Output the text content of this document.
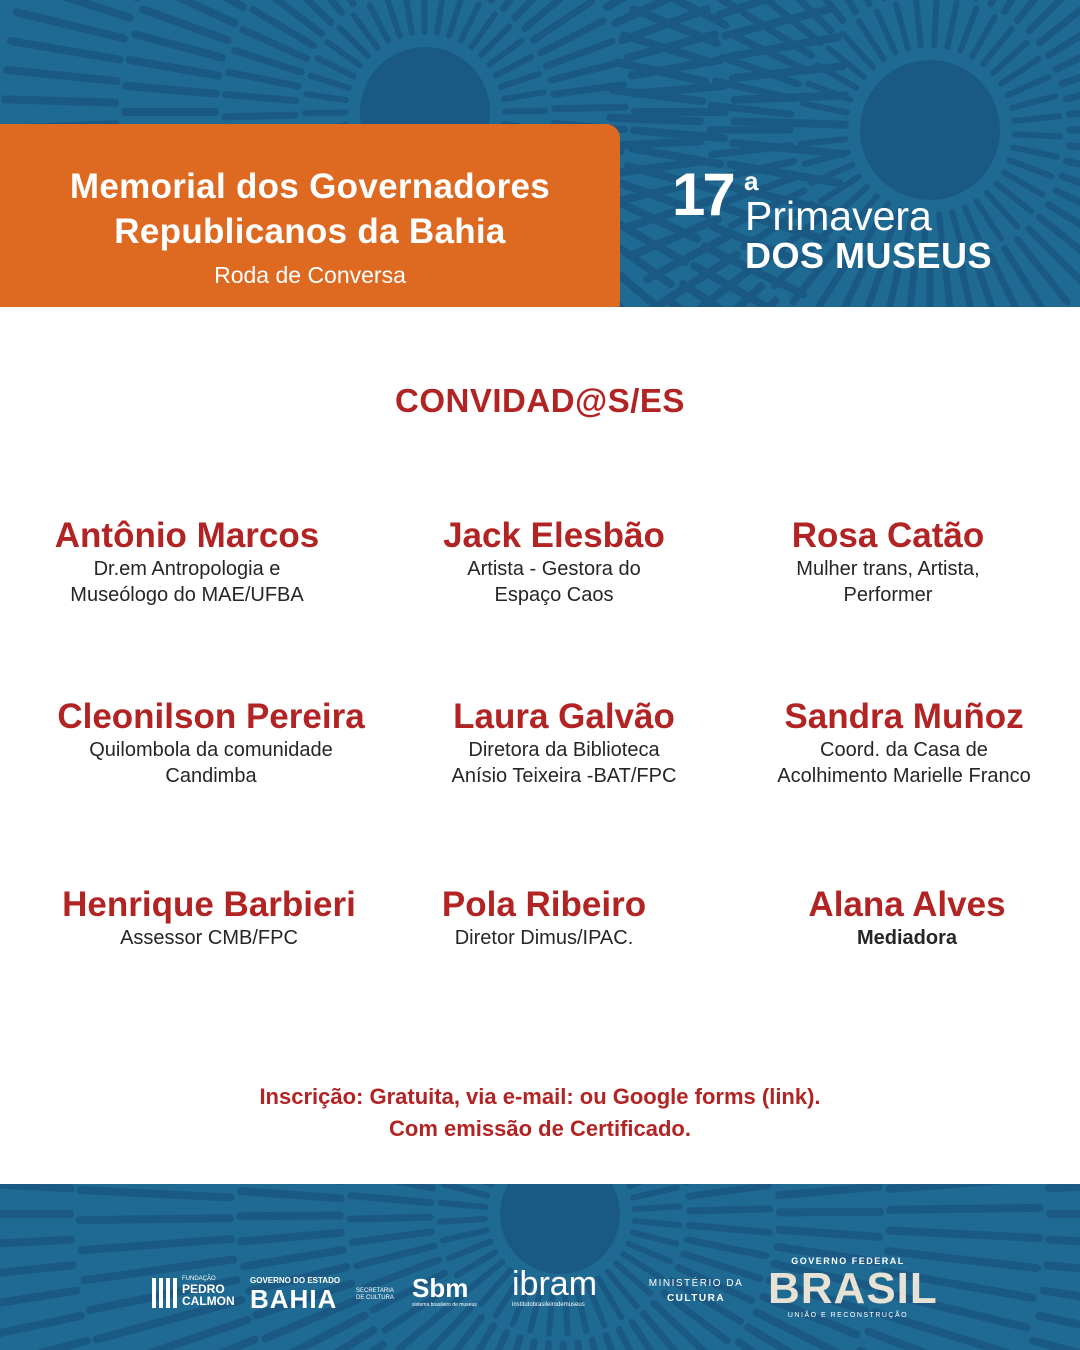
Memorial dos Governadores
Republicanos da Bahia
Roda de Conversa
17 a
Primavera
DOS MUSEUS
CONVIDAD@S/ES
Antônio Marcos
Dr.em Antropologia e
Museólogo do MAE/UFBA
Jack Elesbão
Artista - Gestora do
Espaço Caos
Rosa Catão
Mulher trans, Artista,
Performer
Cleonilson Pereira
Quilombola da comunidade
Candimba
Laura Galvão
Diretora da Biblioteca
Anísio Teixeira -BAT/FPC
Sandra Muñoz
Coord. da Casa de
Acolhimento Marielle Franco
Henrique Barbieri
Assessor CMB/FPC
Pola Ribeiro
Diretor Dimus/IPAC.
Alana Alves
Mediadora
Inscrição: Gratuita, via e-mail: ou Google forms (link).
Com emissão de Certificado.
FUNDAÇÃO
PEDRO
CALMON
GOVERNO DO ESTADO
BAHIA	SECRETARIA DE CULTURA Sbm
sistema brasileiro de museus
ibram
institutobrasileirodemuseus
MINISTÉRIO DA
CULTURA
GOVERNO FEDERAL
BRASIL
UNIÃO E RECONSTRUÇÃO
